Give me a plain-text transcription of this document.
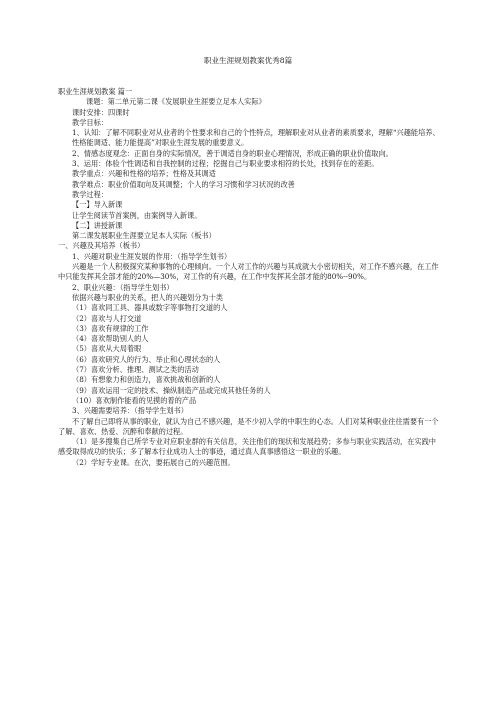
职业生涯规划教案优秀8篇

职业生涯规划教案 篇一

课题：第二单元第二课《发展职业生涯要立足本人实际》

课时安排：四课时

教学目标：

1、认知：了解不同职业对从业者的个性要求和自己的个性特点，理解职业对从业者的素质要求，理解“兴趣能培养、性格能调适、能力能提高”对职业生涯发展的重要意义。

2、情感态度观念：正面自身的实际情况，善于调适自身的职业心理情况，形成正确的职业价值取向。

3、运用：体验个性调适和自我控制的过程；挖掘自己与职业要求相符的长处，找到存在的差距。

教学重点：兴趣和性格的培养；性格及其调适

教学难点：职业价值取向及其调整；个人的学习习惯和学习状况的改善

教学过程：

【一】导入新课

让学生阅读节首案例，由案例导入新课。

【二】讲授新课

第二课发展职业生涯要立足本人实际（板书）

一、兴趣及其培养（板书）

1、兴趣对职业生涯发展的作用：（指导学生划书）

兴趣是一个人积极探究某种事物的心理倾向。一个人对工作的兴趣与其成就大小密切相关，对工作不感兴趣，在工作中只能发挥其全部才能的20%—30%，对工作的有兴趣，在工作中发挥其全部才能的80%--90%。

2、职业兴趣：（指导学生划书）

依据兴趣与职业的关系，把人的兴趣划分为十类

（1）喜欢同工具、器具或数字等事物打交道的人

（2）喜欢与人打交道

（3）喜欢有规律的工作

（4）喜欢帮助别人的人

（5）喜欢从大局着眼

（6）喜欢研究人的行为、举止和心理状态的人

（7）喜欢分析、推理、测试之类的活动

（8）有想象力和创造力，喜欢挑战和创新的人

（9）喜欢运用一定的技术、操纵制造产品或完成其他任务的人

（10）喜欢制作能看的见摸的着的产品

3、兴趣需要培养：（指导学生划书）

不了解自己即将从事的职业，就认为自己不感兴趣，是不少初入学的中职生的心态。人们对某种职业往往需要有一个了解、喜欢、热爱、沉醉和奉献的过程。

（1）是多搜集自己所学专业对应职业群的有关信息，关注他们的现状和发展趋势；多参与职业实践活动，在实践中感受取得成功的快乐；多了解本行业成功人士的事迹，通过真人真事感悟这一职业的乐趣。

（2）学好专业课。在次，要拓展自己的兴趣范围。
